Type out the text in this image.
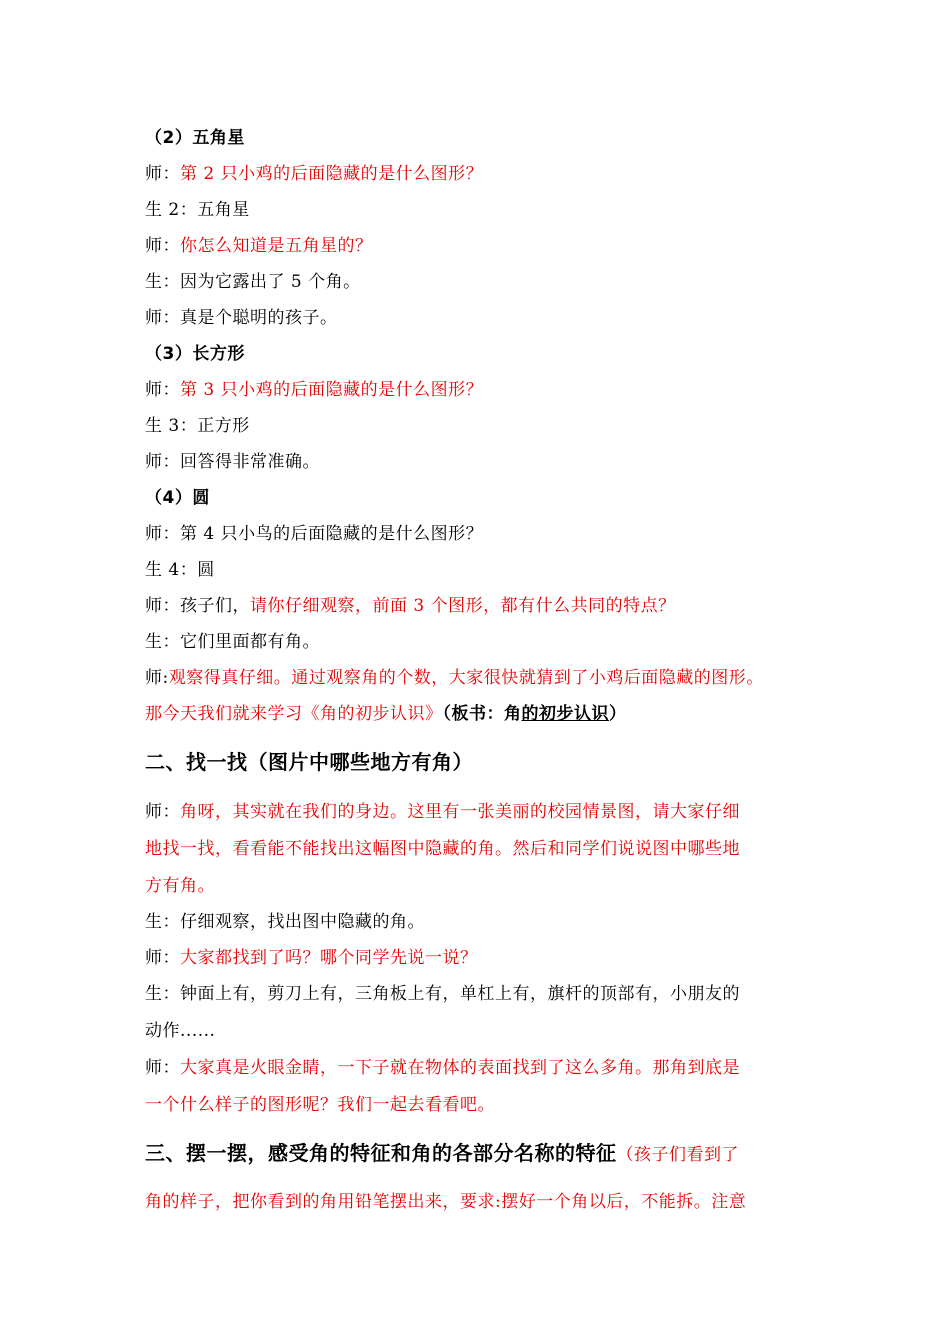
（2）五角星
师：第 2 只小鸡的后面隐藏的是什么图形？
生 2：五角星
师：你怎么知道是五角星的？
生：因为它露出了 5 个角。
师：真是个聪明的孩子。
（3）长方形
师：第 3 只小鸡的后面隐藏的是什么图形？
生 3：正方形
师：回答得非常准确。
（4）圆
师：第 4 只小鸟的后面隐藏的是什么图形？
生 4：圆
师：孩子们，请你仔细观察，前面 3 个图形，都有什么共同的特点？
生：它们里面都有角。
师:观察得真仔细。通过观察角的个数，大家很快就猜到了小鸡后面隐藏的图形。
那今天我们就来学习《角的初步认识》（板书：角的初步认识）
二、找一找（图片中哪些地方有角）
师：角呀，其实就在我们的身边。这里有一张美丽的校园情景图，请大家仔细
地找一找，看看能不能找出这幅图中隐藏的角。然后和同学们说说图中哪些地
方有角。
生：仔细观察，找出图中隐藏的角。
师：大家都找到了吗？哪个同学先说一说？
生：钟面上有，剪刀上有，三角板上有，单杠上有，旗杆的顶部有，小朋友的
动作......
师：大家真是火眼金睛，一下子就在物体的表面找到了这么多角。那角到底是
一个什么样子的图形呢？我们一起去看看吧。
三、摆一摆，感受角的特征和角的各部分名称的特征（孩子们看到了
角的样子，把你看到的角用铅笔摆出来，要求:摆好一个角以后，不能拆。注意
